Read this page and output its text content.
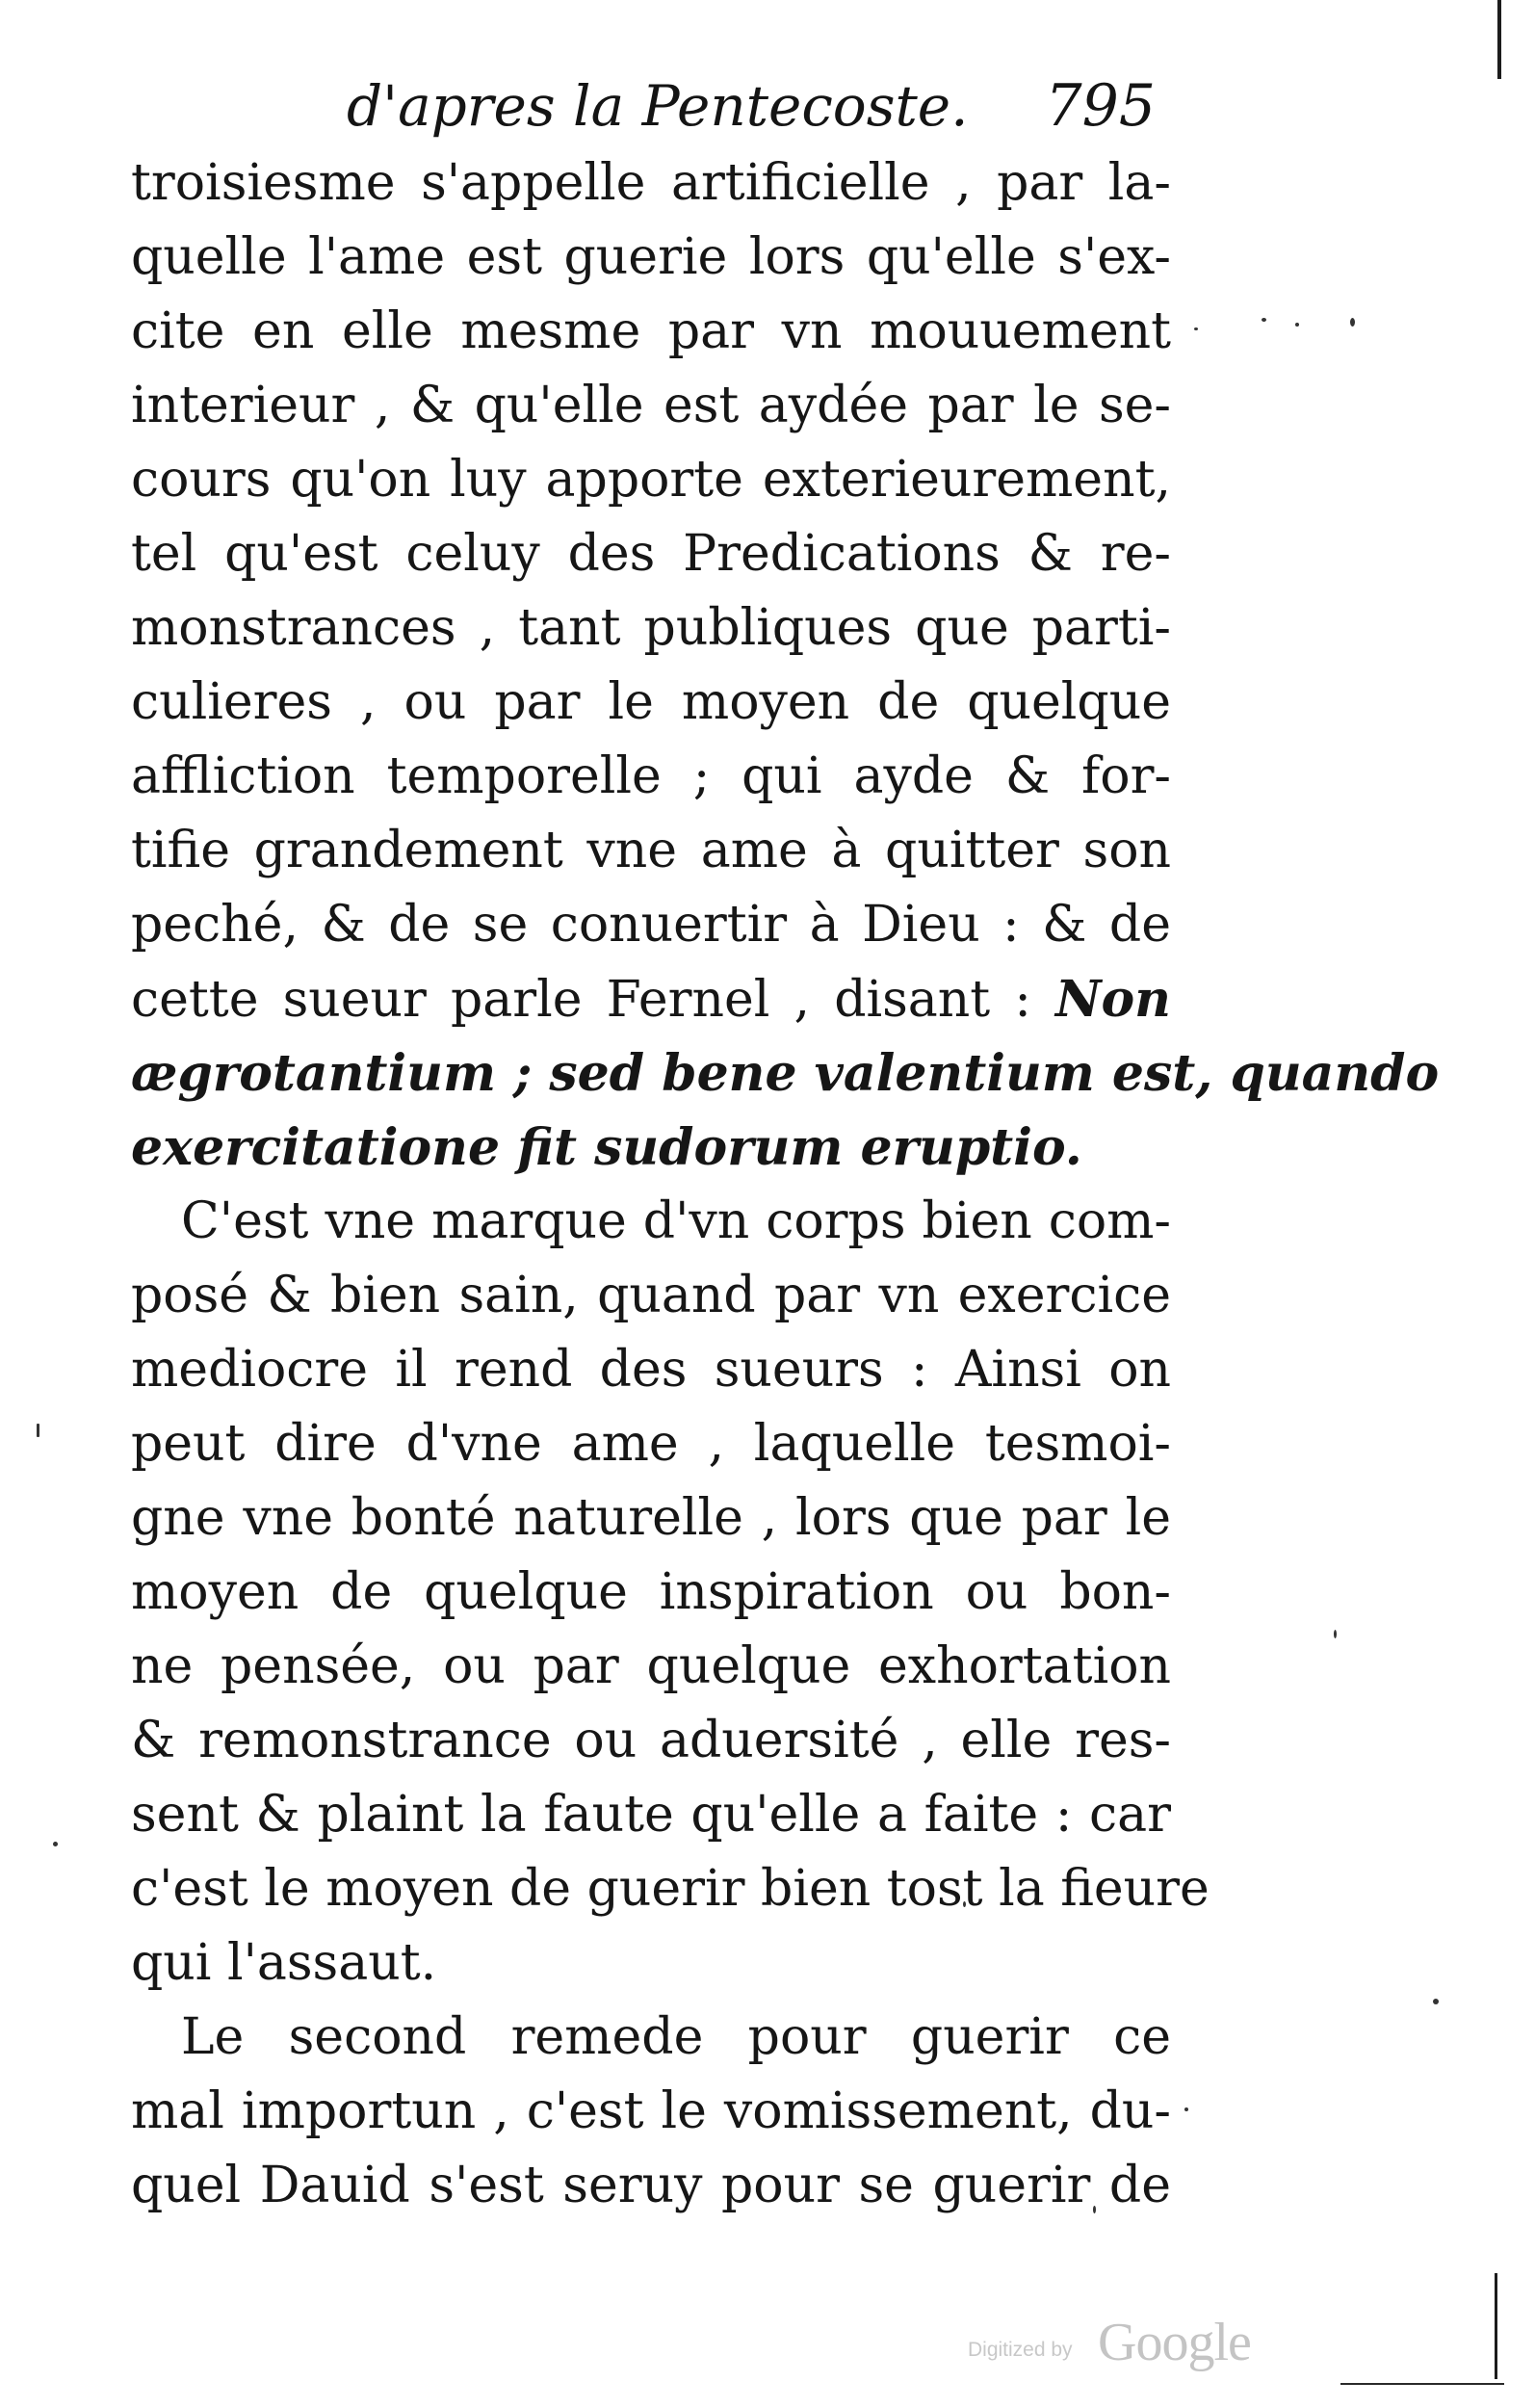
d'apres la Pentecoste. 795
troisiesme s'appelle artificielle , par la-
quelle l'ame est guerie lors qu'elle s'ex-
cite en elle mesme par vn mouuement
interieur , & qu'elle est aydée par le se-
cours qu'on luy apporte exterieurement,
tel qu'est celuy des Predications & re-
monstrances , tant publiques que parti-
culieres , ou par le moyen de quelque
affliction temporelle ; qui ayde & for-
tifie grandement vne ame à quitter son
peché, & de se conuertir à Dieu : & de
cette sueur parle Fernel , disant : Non
ægrotantium ; sed bene valentium est, quando
exercitatione fit sudorum eruptio.
C'est vne marque d'vn corps bien com-
posé & bien sain, quand par vn exercice
mediocre il rend des sueurs : Ainsi on
peut dire d'vne ame , laquelle tesmoi-
gne vne bonté naturelle , lors que par le
moyen de quelque inspiration ou bon-
ne pensée, ou par quelque exhortation
& remonstrance ou aduersité , elle res-
sent & plaint la faute qu'elle a faite : car
c'est le moyen de guerir bien tost la fieure
qui l'assaut.
Le second remede pour guerir ce
mal importun , c'est le vomissement, du-
quel Dauid s'est seruy pour se guerir de
Digitized by Google
